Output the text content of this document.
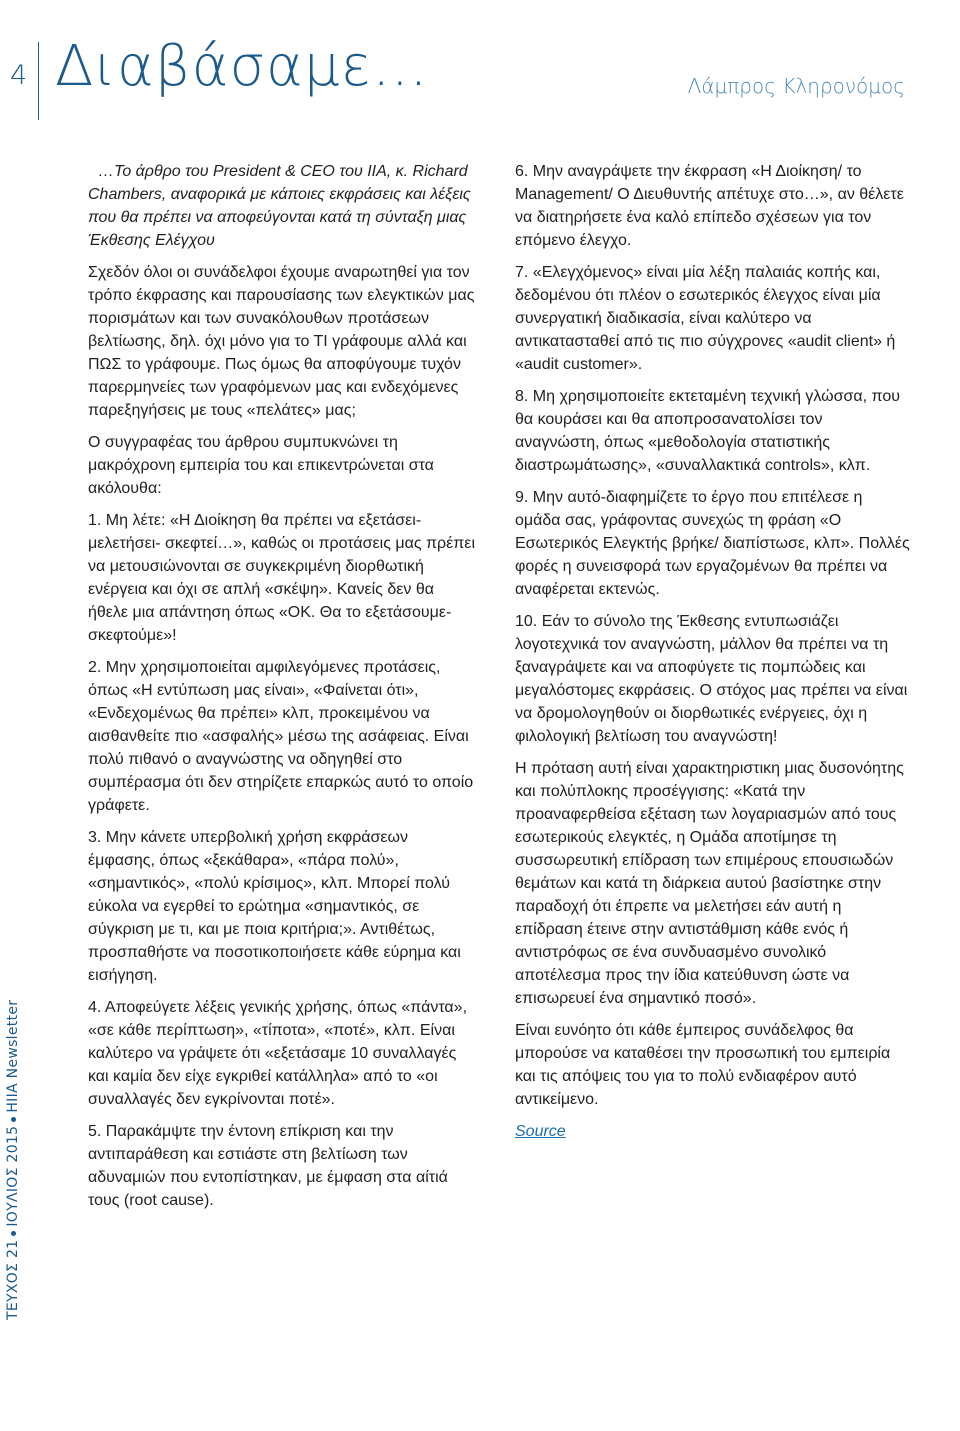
4 Διαβάσαμε…	Λάμπρος Κληρονόμος
ΤΕΥΧΟΣ 21ΙΟΥΛΙΟΣ 2015HIIA Newsletter

…Το άρθρο του President & CEO του IIA, κ. Richard Chambers, αναφορικά με κάποιες εκφράσεις και λέξεις που θα πρέπει να αποφεύγονται κατά τη σύνταξη μιας Έκθεσης Ελέγχου

Σχεδόν όλοι οι συνάδελφοι έχουμε αναρωτηθεί για τον τρόπο έκφρασης και παρουσίασης των ελεγκτικών μας πορισμάτων και των συνακόλουθων προτάσεων βελτίωσης, δηλ. όχι μόνο για το ΤΙ γράφουμε αλλά και ΠΩΣ το γράφουμε. Πως όμως θα αποφύγουμε τυχόν παρερμηνείες των γραφόμενων μας και ενδεχόμενες παρεξηγήσεις με τους «πελάτες» μας;

Ο συγγραφέας του άρθρου συμπυκνώνει τη μακρόχρονη εμπειρία του και επικεντρώνεται στα ακόλουθα:

1. Μη λέτε: «Η Διοίκηση θα πρέπει να εξετάσει-μελετήσει- σκεφτεί…», καθώς οι προτάσεις μας πρέπει να μετουσιώνονται σε συγκεκριμένη διορθωτική ενέργεια και όχι σε απλή «σκέψη». Κανείς δεν θα ήθελε μια απάντηση όπως «ΟΚ. Θα το εξετάσουμε- σκεφτούμε»!

2. Μην χρησιμοποιείται αμφιλεγόμενες προτάσεις, όπως «Η εντύπωση μας είναι», «Φαίνεται ότι», «Ενδεχομένως θα πρέπει» κλπ, προκειμένου να αισθανθείτε πιο «ασφαλής» μέσω της ασάφειας. Είναι πολύ πιθανό ο αναγνώστης να οδηγηθεί στο συμπέρασμα ότι δεν στηρίζετε επαρκώς αυτό το οποίο γράφετε.

3. Μην κάνετε υπερβολική χρήση εκφράσεων έμφασης, όπως «ξεκάθαρα», «πάρα πολύ», «σημαντικός», «πολύ κρίσιμος», κλπ. Μπορεί πολύ εύκολα να εγερθεί το ερώτημα «σημαντικός, σε σύγκριση με τι, και με ποια κριτήρια;». Αντιθέτως, προσπαθήστε να ποσοτικοποιήσετε κάθε εύρημα και εισήγηση.

4. Αποφεύγετε λέξεις γενικής χρήσης, όπως «πάντα», «σε κάθε περίπτωση», «τίποτα», «ποτέ», κλπ. Είναι καλύτερο να γράψετε ότι «εξετάσαμε 10 συναλλαγές και καμία δεν είχε εγκριθεί κατάλληλα» από το «οι συναλλαγές δεν εγκρίνονται ποτέ».

5. Παρακάμψτε την έντονη επίκριση και την αντιπαράθεση και εστιάστε στη βελτίωση των αδυναμιών που εντοπίστηκαν, με έμφαση στα αίτιά τους (root cause).

6. Μην αναγράψετε την έκφραση «Η Διοίκηση/ το Management/ Ο Διευθυντής απέτυχε στο…», αν θέλετε να διατηρήσετε ένα καλό επίπεδο σχέσεων για τον επόμενο έλεγχο.

7. «Ελεγχόμενος» είναι μία λέξη παλαιάς κοπής και, δεδομένου ότι πλέον ο εσωτερικός έλεγχος είναι μία συνεργατική διαδικασία, είναι καλύτερο να αντικατασταθεί από τις πιο σύγχρονες «audit client» ή «audit customer».

8. Μη χρησιμοποιείτε εκτεταμένη τεχνική γλώσσα, που θα κουράσει και θα αποπροσανατολίσει τον αναγνώστη, όπως «μεθοδολογία στατιστικής διαστρωμάτωσης», «συναλλακτικά controls», κλπ.

9. Μην αυτό-διαφημίζετε το έργο που επιτέλεσε η ομάδα σας, γράφοντας συνεχώς τη φράση «Ο Εσωτερικός Ελεγκτής βρήκε/ διαπίστωσε, κλπ». Πολλές φορές η συνεισφορά των εργαζομένων θα πρέπει να αναφέρεται εκτενώς.

10. Εάν το σύνολο της Έκθεσης εντυπωσιάζει λογοτεχνικά τον αναγνώστη, μάλλον θα πρέπει να τη ξαναγράψετε και να αποφύγετε τις πομπώδεις και μεγαλόστομες εκφράσεις. Ο στόχος μας πρέπει να είναι να δρομολογηθούν οι διορθωτικές ενέργειες, όχι η φιλολογική βελτίωση του αναγνώστη!

Η πρόταση αυτή είναι χαρακτηριστικη μιας δυσονόητης και πολύπλοκης προσέγγισης: «Κατά την προαναφερθείσα εξέταση των λογαριασμών από τους εσωτερικούς ελεγκτές, η Ομάδα αποτίμησε τη συσσωρευτική επίδραση των επιμέρους επουσιωδών θεμάτων και κατά τη διάρκεια αυτού βασίστηκε στην παραδοχή ότι έπρεπε να μελετήσει εάν αυτή η επίδραση έτεινε στην αντιστάθμιση κάθε ενός ή αντιστρόφως σε ένα συνδυασμένο συνολικό αποτέλεσμα προς την ίδια κατεύθυνση ώστε να επισωρευεί ένα σημαντικό ποσό».

Είναι ευνόητο ότι κάθε έμπειρος συνάδελφος θα μπορούσε να καταθέσει την προσωπική του εμπειρία και τις απόψεις του για το πολύ ενδιαφέρον αυτό αντικείμενο.

Source
